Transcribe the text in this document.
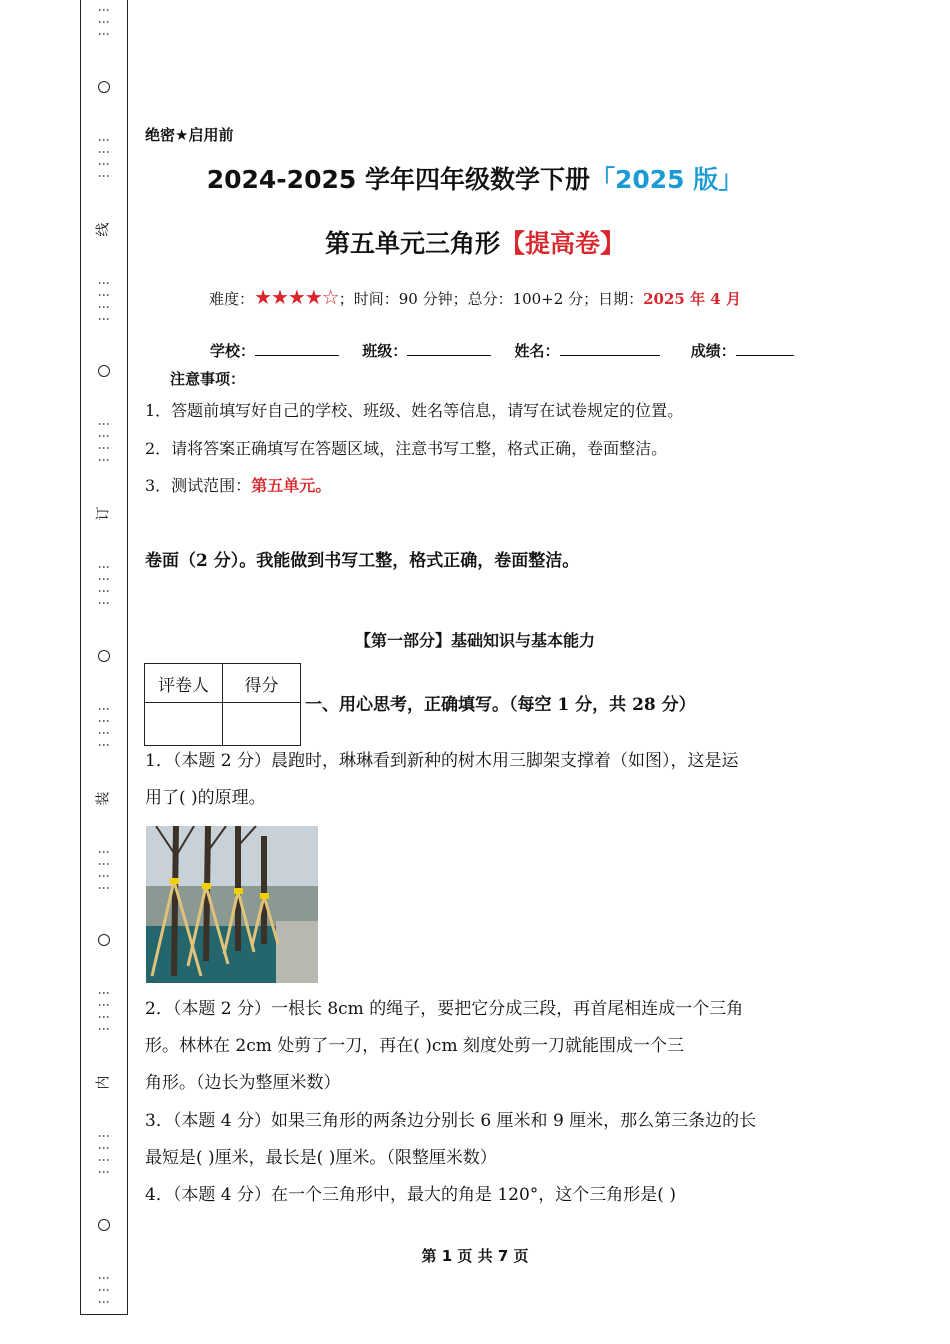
⋮⋮⋮
⋮⋮⋮⋮
线
⋮⋮⋮⋮
⋮⋮⋮⋮
订
⋮⋮⋮⋮
⋮⋮⋮⋮
装
⋮⋮⋮⋮
⋮⋮⋮⋮
内
⋮⋮⋮⋮
⋮⋮⋮
绝密★启用前
2024-2025 学年四年级数学下册「2025 版」
第五单元三角形【提高卷】
难度：★★★★☆；时间：90 分钟；总分：100+2 分；日期：2025 年 4 月
学校：	班级：	姓名：	成绩：
注意事项：
1．答题前填写好自己的学校、班级、姓名等信息，请写在试卷规定的位置。
2．请将答案正确填写在答题区域，注意书写工整，格式正确，卷面整洁。
3．测试范围：第五单元。
卷面（2 分）。我能做到书写工整，格式正确，卷面整洁。
【第一部分】基础知识与基本能力
评卷人	得分

一、用心思考，正确填写。（每空 1 分，共 28 分）
1．（本题 2 分）晨跑时，琳琳看到新种的树木用三脚架支撑着（如图），这是运
用了( )的原理。
2．（本题 2 分）一根长 8cm 的绳子，要把它分成三段，再首尾相连成一个三角
形。林林在 2cm 处剪了一刀，再在( )cm 刻度处剪一刀就能围成一个三
角形。（边长为整厘米数）
3．（本题 4 分）如果三角形的两条边分别长 6 厘米和 9 厘米，那么第三条边的长
最短是( )厘米，最长是( )厘米。（限整厘米数）
4．（本题 4 分）在一个三角形中，最大的角是 120°，这个三角形是( )
第 1 页 共 7 页
